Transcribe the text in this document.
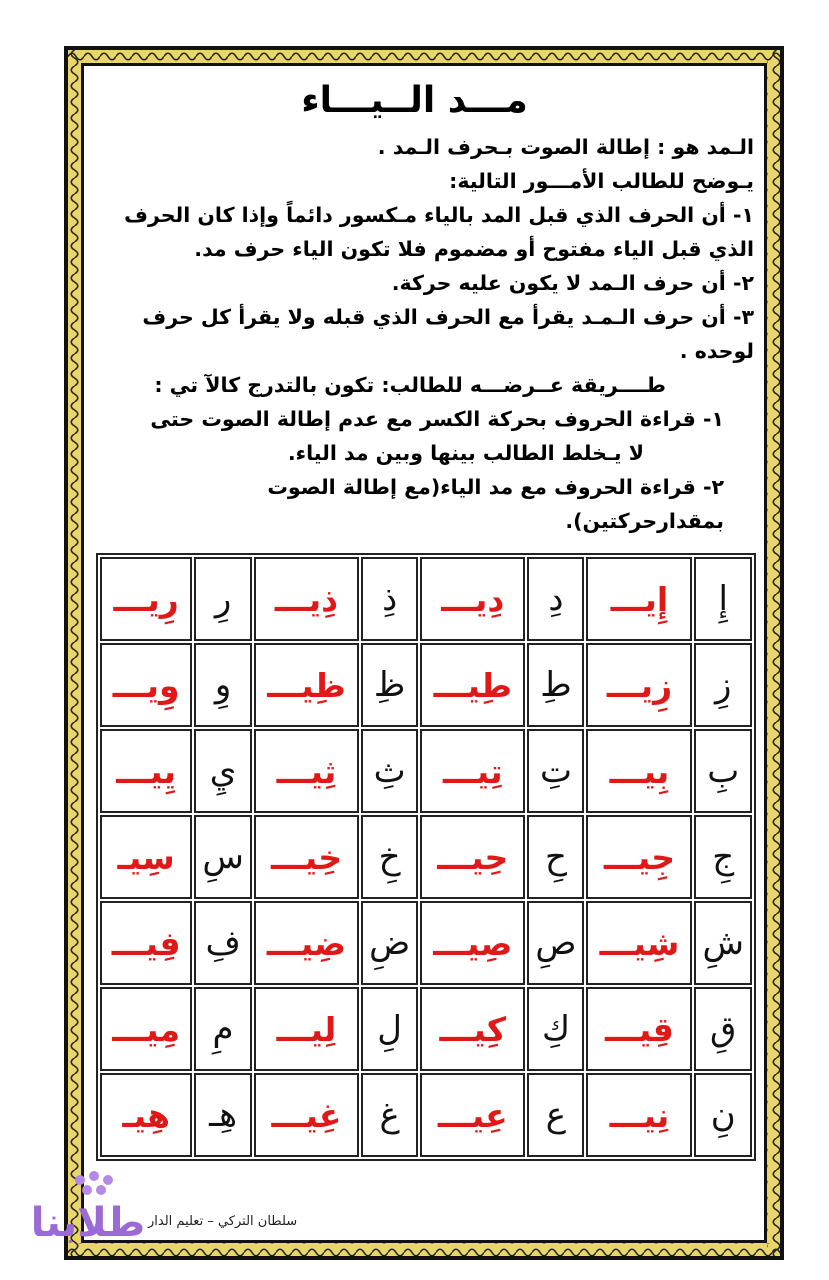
مـــد الــيـــاء

الـمد هو : إطالة الصوت بـحرف الـمد .

يـوضح للطالب الأمـــور التالية:

١- أن الحرف الذي قبل المد بالياء مـكسور دائماً وإذا كان الحرف الذي قبل الياء مفتوح أو مضموم فلا تكون الياء حرف مد.

٢- أن حرف الـمد لا يكون عليه حركة.

٣- أن حرف الـمـد يقرأ مع الحرف الذي قبله ولا يقرأ كل حرف لوحده .

طــــريقة عــرضـــه للطالب: تكون بالتدرج كالآ تي :

١- قراءة الحروف بحركة الكسر مع عدم إطالة الصوت حتى

لا يـخلط الطالب بينها وبين مد الياء.

٢- قراءة الحروف مع مد الياء(مع إطالة الصوت بمقدارحركتين).

إِ	إِيـــ	دِ	دِيـــ	ذِ	ذِيـــ	رِ	رِيـــ
زِ	زِيـــ	طِ	طِيـــ	ظِ	ظِيـــ	وِ	وِيـــ
بِ	بِيـــ	تِ	تِيـــ	ثِ	ثِيـــ	يِ	يِيـــ
جِ	جِيـــ	حِ	حِيـــ	خِ	خِيـــ	سِ	سِيـ
شِ	شِيـــ	صِ	صِيـــ	ضِ	ضِيـــ	فِ	فِيـــ
قِ	قِيـــ	كِ	كِيـــ	لِ	لِيـــ	مِ	مِيـــ
نِ	نِيـــ	ع	عِيـــ	غ	غِيـــ	هِـ	هِيـ
سلطان التركي – تعليم الدار
طلابنا
